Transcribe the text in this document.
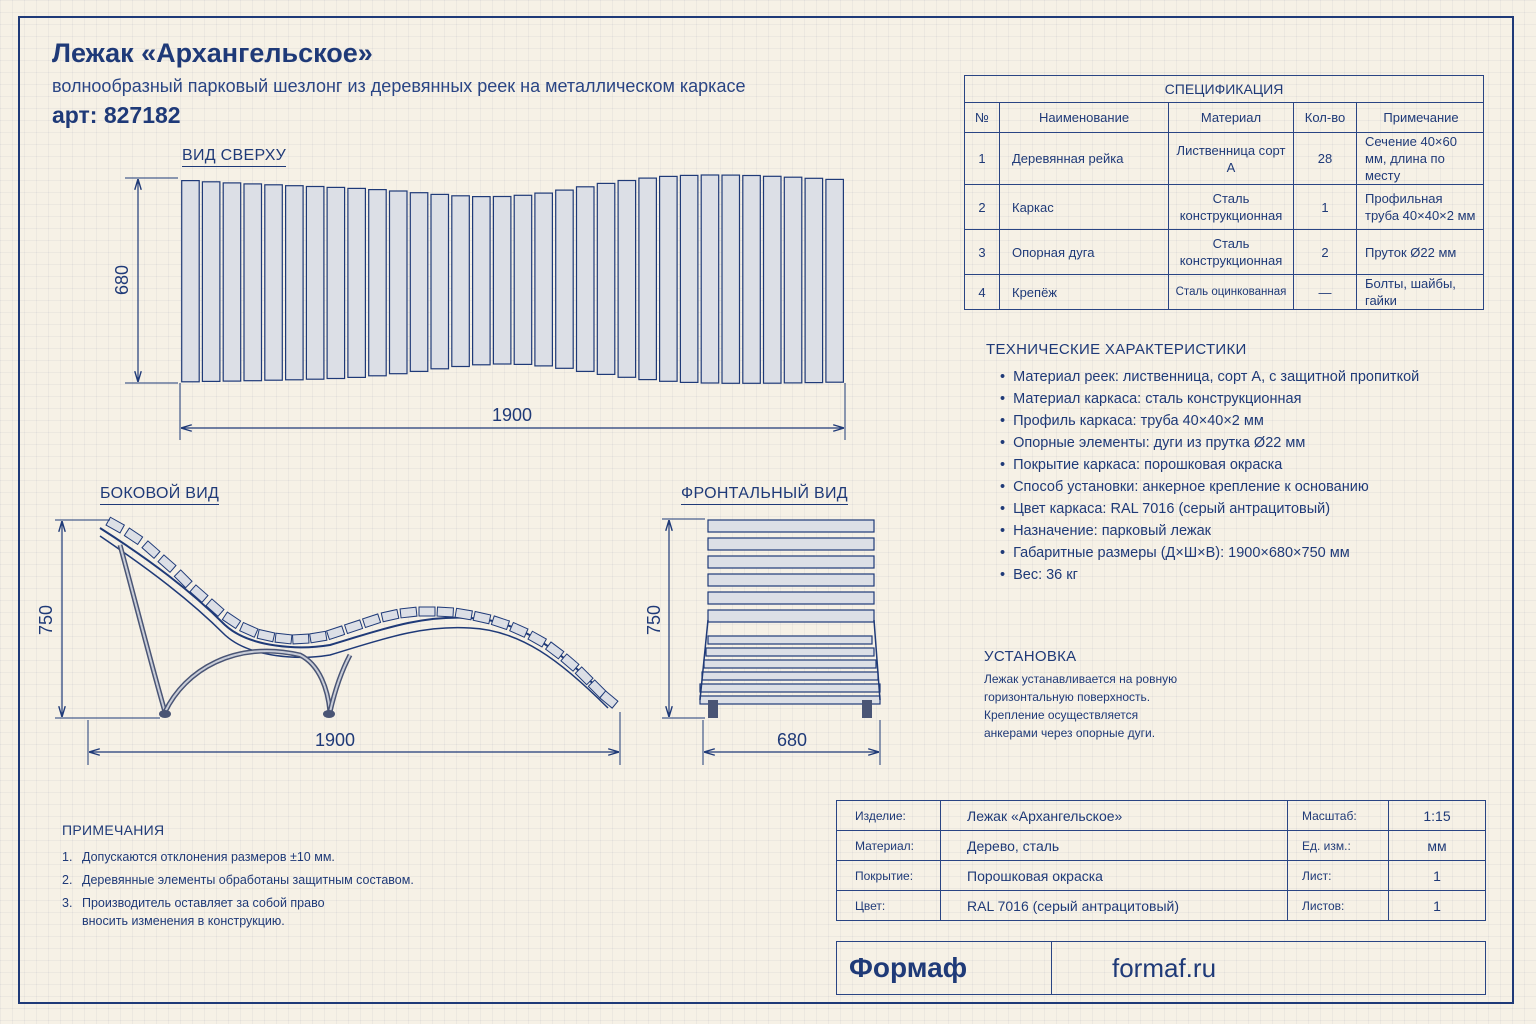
Лежак «Архангельское»
волнообразный парковый шезлонг из деревянных реек на металлическом каркасе
арт: 827182
ВИД СВЕРХУ
БОКОВОЙ ВИД	ФРОНТАЛЬНЫЙ ВИД
1900
680
750
1900
750
680
СПЕЦИФИКАЦИЯ				
№	Наименование	Материал	Кол-во	Примечание
1	Деревянная рейка	Лиственница сорт А	28	Сечение 40×60 мм, длина по месту
2	Каркас	Сталь конструкционная	1	Профильная труба 40×40×2 мм
3	Опорная дуга	Сталь конструкционная	2	Пруток Ø22 мм
4	Крепёж	Сталь оцинкованная	—	Болты, шайбы, гайки
ТЕХНИЧЕСКИЕ ХАРАКТЕРИСТИКИ
• Материал реек: лиственница, сорт А, с защитной пропиткой
• Материал каркаса: сталь конструкционная
• Профиль каркаса: труба 40×40×2 мм
• Опорные элементы: дуги из прутка Ø22 мм
• Покрытие каркаса: порошковая окраска
• Способ установки: анкерное крепление к основанию
• Цвет каркаса: RAL 7016 (серый антрацитовый)
• Назначение: парковый лежак
• Габаритные размеры (Д×Ш×В): 1900×680×750 мм
• Вес: 36 кг
УСТАНОВКА
Лежак устанавливается на ровную
горизонтальную поверхность.
Крепление осуществляется
анкерами через опорные дуги.
ПРИМЕЧАНИЯ
1. Допускаются отклонения размеров ±10 мм.
2. Деревянные элементы обработаны защитным составом.
3. Производитель оставляет за собой право вносить изменения в конструкцию.
Изделие:	Лежак «Архангельское»	Масштаб:	1:15
Материал:	Дерево, сталь	Ед. изм.:	мм
Покрытие:	Порошковая окраска	Лист:	1
Цвет:	RAL 7016 (серый антрацитовый)	Листов:	1
Формаф	formaf.ru
